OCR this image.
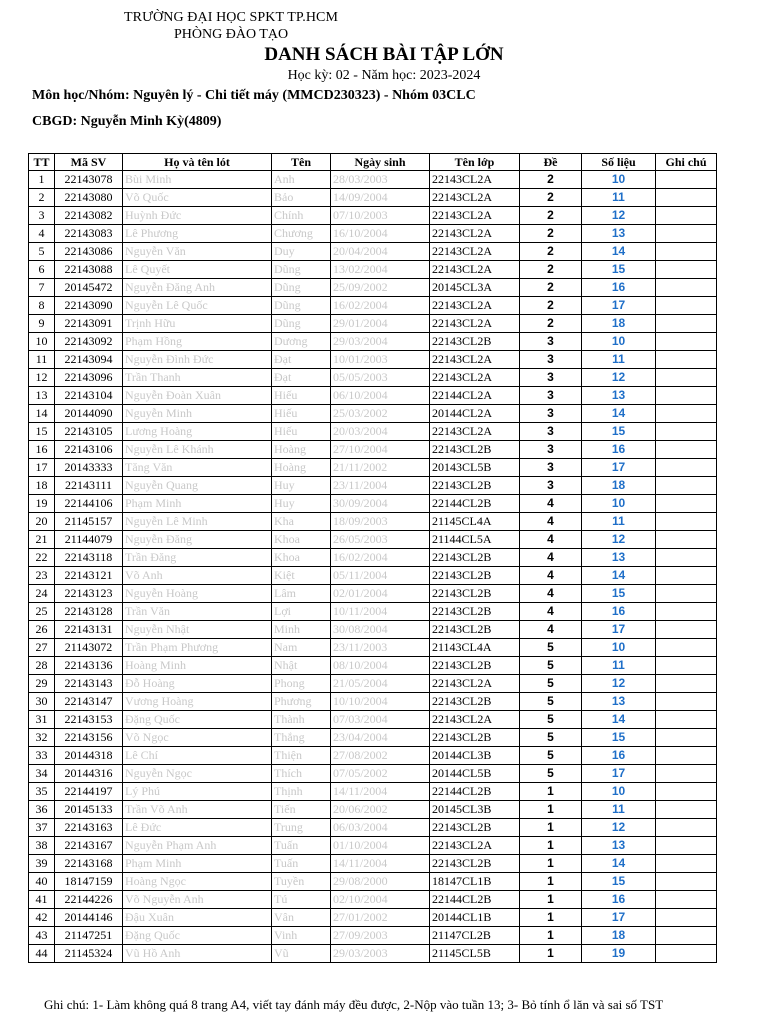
TRƯỜNG ĐẠI HỌC SPKT TP.HCM
PHÒNG ĐÀO TẠO
DANH SÁCH BÀI TẬP LỚN
Học kỳ: 02 - Năm học: 2023-2024
Môn học/Nhóm: Nguyên lý - Chi tiết máy (MMCD230323) - Nhóm 03CLC
CBGD: Nguyễn Minh Kỳ(4809)
TT	Mã SV	Họ và tên lót	Tên	Ngày sinh	Tên lớp	Đề	Số liệu	Ghi chú
1	22143078	Bùi Minh	Anh	28/03/2003	22143CL2A	2	10	
2	22143080	Võ Quốc	Bảo	14/09/2004	22143CL2A	2	11	
3	22143082	Huỳnh Đức	Chính	07/10/2003	22143CL2A	2	12	
4	22143083	Lê Phương	Chương	16/10/2004	22143CL2A	2	13	
5	22143086	Nguyễn Văn	Duy	20/04/2004	22143CL2A	2	14	
6	22143088	Lê Quyết	Dũng	13/02/2004	22143CL2A	2	15	
7	20145472	Nguyễn Đăng Anh	Dũng	25/09/2002	20145CL3A	2	16	
8	22143090	Nguyễn Lê Quốc	Dũng	16/02/2004	22143CL2A	2	17	
9	22143091	Trịnh Hữu	Dũng	29/01/2004	22143CL2A	2	18	
10	22143092	Phạm Hồng	Dương	29/03/2004	22143CL2B	3	10	
11	22143094	Nguyễn Đình Đức	Đạt	10/01/2003	22143CL2A	3	11	
12	22143096	Trần Thanh	Đạt	05/05/2003	22143CL2A	3	12	
13	22143104	Nguyễn Đoàn Xuân	Hiếu	06/10/2004	22144CL2A	3	13	
14	20144090	Nguyễn Minh	Hiếu	25/03/2002	20144CL2A	3	14	
15	22143105	Lương Hoàng	Hiếu	20/03/2004	22143CL2A	3	15	
16	22143106	Nguyễn Lê Khánh	Hoàng	27/10/2004	22143CL2B	3	16	
17	20143333	Tăng Văn	Hoàng	21/11/2002	20143CL5B	3	17	
18	22143111	Nguyễn Quang	Huy	23/11/2004	22143CL2B	3	18	
19	22144106	Phạm Minh	Huy	30/09/2004	22144CL2B	4	10	
20	21145157	Nguyễn Lê Minh	Kha	18/09/2003	21145CL4A	4	11	
21	21144079	Nguyễn Đăng	Khoa	26/05/2003	21144CL5A	4	12	
22	22143118	Trần Đăng	Khoa	16/02/2004	22143CL2B	4	13	
23	22143121	Võ Anh	Kiệt	05/11/2004	22143CL2B	4	14	
24	22143123	Nguyễn Hoàng	Lâm	02/01/2004	22143CL2B	4	15	
25	22143128	Trần Văn	Lợi	10/11/2004	22143CL2B	4	16	
26	22143131	Nguyễn Nhật	Minh	30/08/2004	22143CL2B	4	17	
27	21143072	Trần Phạm Phương	Nam	23/11/2003	21143CL4A	5	10	
28	22143136	Hoàng Minh	Nhật	08/10/2004	22143CL2B	5	11	
29	22143143	Đỗ Hoàng	Phong	21/05/2004	22143CL2A	5	12	
30	22143147	Vương Hoàng	Phương	10/10/2004	22143CL2B	5	13	
31	22143153	Đặng Quốc	Thành	07/03/2004	22143CL2A	5	14	
32	22143156	Võ Ngọc	Thắng	23/04/2004	22143CL2B	5	15	
33	20144318	Lê Chí	Thiện	27/08/2002	20144CL3B	5	16	
34	20144316	Nguyễn Ngọc	Thích	07/05/2002	20144CL5B	5	17	
35	22144197	Lý Phú	Thịnh	14/11/2004	22144CL2B	1	10	
36	20145133	Trần Võ Anh	Tiến	20/06/2002	20145CL3B	1	11	
37	22143163	Lê Đức	Trung	06/03/2004	22143CL2B	1	12	
38	22143167	Nguyễn Phạm Anh	Tuấn	01/10/2004	22143CL2A	1	13	
39	22143168	Phạm Minh	Tuấn	14/11/2004	22143CL2B	1	14	
40	18147159	Hoàng Ngọc	Tuyền	29/08/2000	18147CL1B	1	15	
41	22144226	Võ Nguyễn Anh	Tú	02/10/2004	22144CL2B	1	16	
42	20144146	Đậu Xuân	Vân	27/01/2002	20144CL1B	1	17	
43	21147251	Đặng Quốc	Vinh	27/09/2003	21147CL2B	1	18	
44	21145324	Vũ Hồ Anh	Vũ	29/03/2003	21145CL5B	1	19	
Ghi chú: 1- Làm không quá 8 trang A4, viết tay đánh máy đều được, 2-Nộp vào tuần 13; 3- Bỏ tính ổ lăn và sai số TST
